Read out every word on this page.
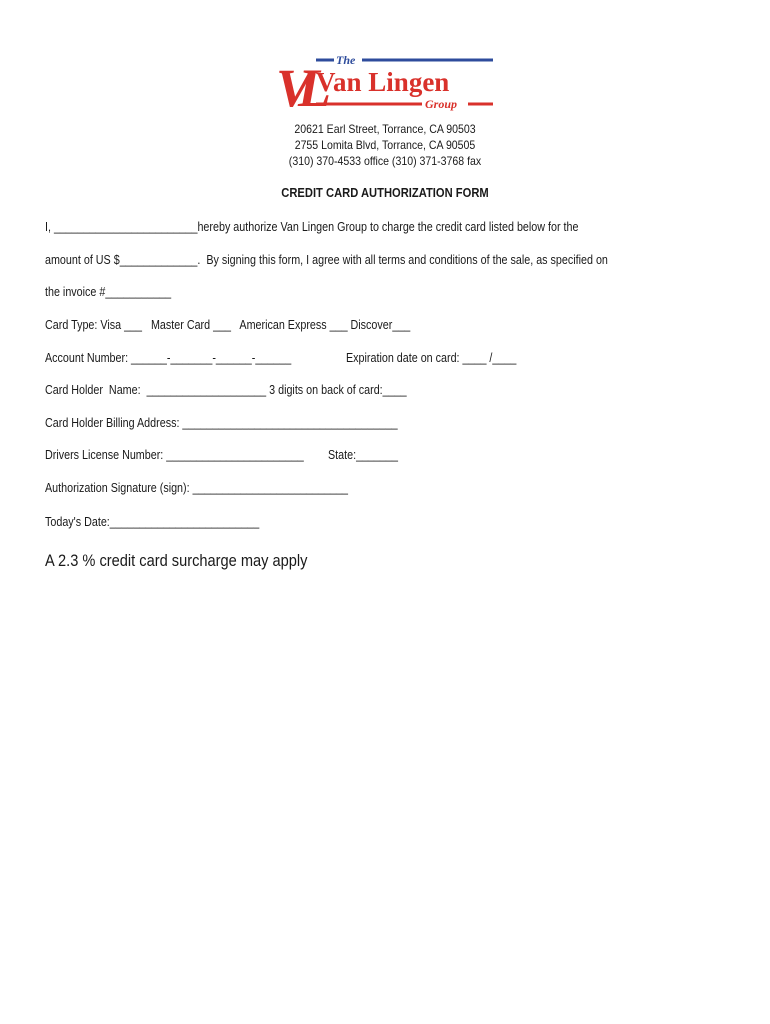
VL	The
Van Lingen
Group
20621 Earl Street, Torrance, CA 90503
2755 Lomita Blvd, Torrance, CA 90505
(310) 370-4533 office (310) 371-3768 fax
CREDIT CARD AUTHORIZATION FORM
I, ________________________hereby authorize Van Lingen Group to charge the credit card listed below for the
amount of US $_____________.  By signing this form, I agree with all terms and conditions of the sale, as specified on
the invoice #___________
Card Type: Visa ___   Master Card ___   American Express ___ Discover___
Account Number: ______-_______-______-______	Expiration date on card: ____ /____
Card Holder  Name:  ____________________ 3 digits on back of card:____
Card Holder Billing Address: ____________________________________
Drivers License Number: _______________________ State:_______
Authorization Signature (sign): __________________________
Today's Date:_________________________
A 2.3 % credit card surcharge may apply
